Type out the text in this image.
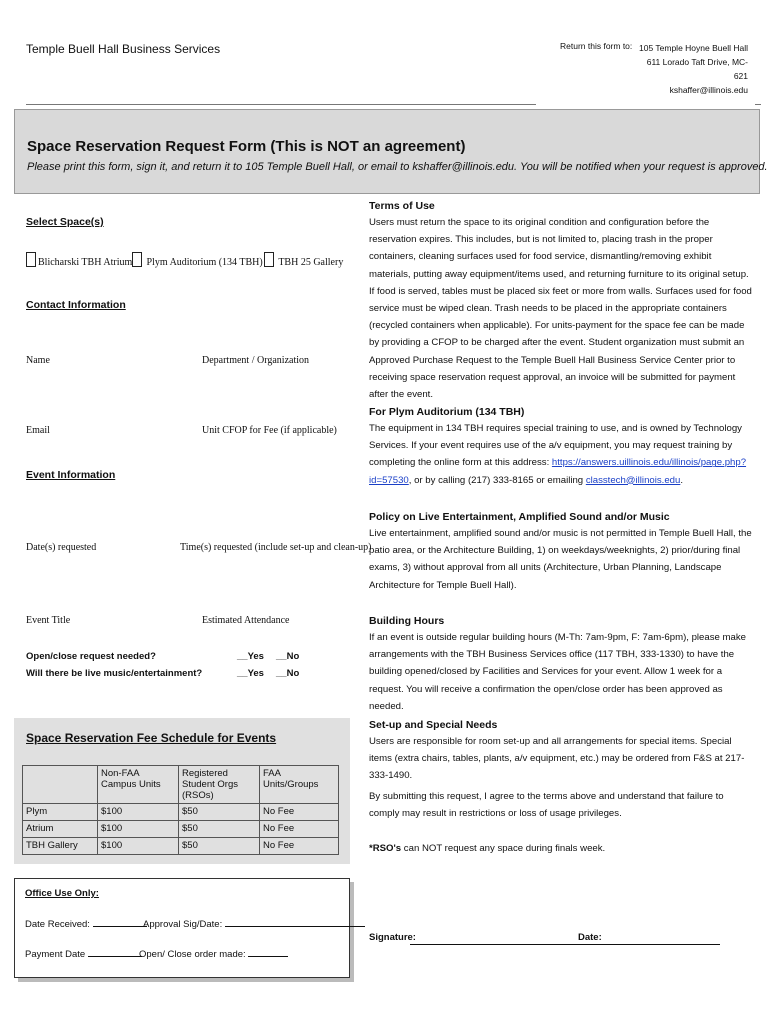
Temple Buell Hall Business Services	Return this form to: 105 Temple Hoyne Buell Hall
611 Lorado Taft Drive, MC-621
kshaffer@illinois.edu
Space Reservation Request Form (This is NOT an agreement)
Please print this form, sign it, and return it to 105 Temple Buell Hall, or email to kshaffer@illinois.edu. You will be notified when your request is approved.
Select Space(s)
Blicharski TBH Atrium	Plym Auditorium (134 TBH)	TBH 25 Gallery
Contact Information
Name	Department / Organization
Email	Unit CFOP for Fee (if applicable)
Event Information
Date(s) requested	Time(s) requested (include set-up and clean-up)
Event Title	Estimated Attendance
Open/close request needed?
Will there be live music/entertainment?
__Yes __No
__Yes __No
Space Reservation Fee Schedule for Events
	Non-FAA Campus Units	Registered Student Orgs (RSOs)	FAA Units/Groups
Plym	$100	$50	No Fee
Atrium	$100	$50	No Fee
TBH Gallery	$100	$50	No Fee
Office Use Only:
Date Received:	Approval Sig/Date:
Payment Date	Open/ Close order made:
Terms of Use
Users must return the space to its original condition and configuration before the reservation expires. This includes, but is not limited to, placing trash in the proper containers, cleaning surfaces used for food service, dismantling/removing exhibit materials, putting away equipment/items used, and returning furniture to its original setup. If food is served, tables must be placed six feet or more from walls. Surfaces used for food service must be wiped clean. Trash needs to be placed in the appropriate containers (recycled containers when applicable). For units-payment for the space fee can be made by providing a CFOP to be charged after the event. Student organization must submit an Approved Purchase Request to the Temple Buell Hall Business Service Center prior to receiving space reservation request approval, an invoice will be submitted for payment after the event.
For Plym Auditorium (134 TBH)
The equipment in 134 TBH requires special training to use, and is owned by Technology Services. If your event requires use of the a/v equipment, you may request training by completing the online form at this address: https://answers.uillinois.edu/illinois/page.php?id=57530, or by calling (217) 333-8165 or emailing classtech@illinois.edu.
Policy on Live Entertainment, Amplified Sound and/or Music
Live entertainment, amplified sound and/or music is not permitted in Temple Buell Hall, the patio area, or the Architecture Building, 1) on weekdays/weeknights, 2) prior/during final exams, 3) without approval from all units (Architecture, Urban Planning, Landscape Architecture for Temple Buell Hall).
Building Hours
If an event is outside regular building hours (M-Th: 7am-9pm, F: 7am-6pm), please make arrangements with the TBH Business Services office (117 TBH, 333-1330) to have the building opened/closed by Facilities and Services for your event. Allow 1 week for a request. You will receive a confirmation the open/close order has been approved as needed.
Set-up and Special Needs
Users are responsible for room set-up and all arrangements for special items. Special items (extra chairs, tables, plants, a/v equipment, etc.) may be ordered from F&S at 217-333-1490.
By submitting this request, I agree to the terms above and understand that failure to comply may result in restrictions or loss of usage privileges.
*RSO's can NOT request any space during finals week.
Signature:	Date:
